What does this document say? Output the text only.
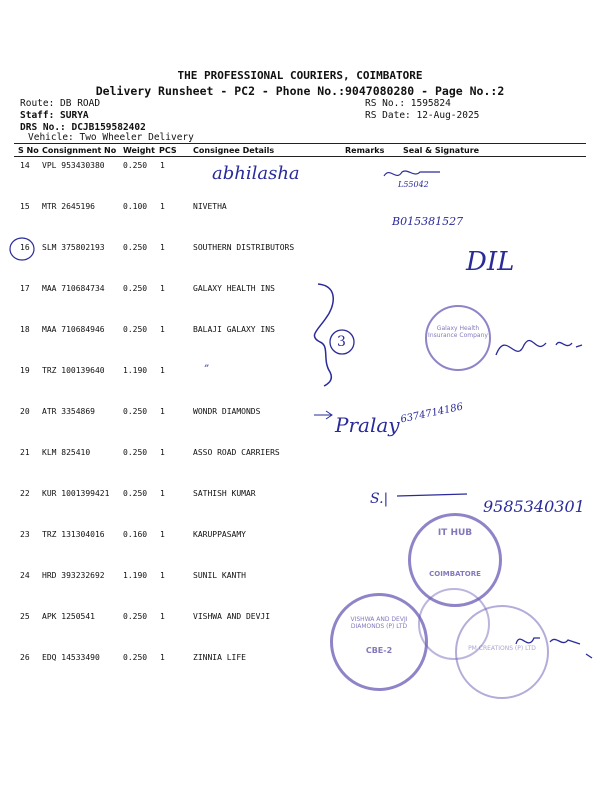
THE PROFESSIONAL COURIERS, COIMBATORE
Delivery Runsheet - PC2 - Phone No.:9047080280 - Page No.:2
Route: DB ROAD
Staff: SURYA
DRS No.: DCJB159582402
Vehicle: Two Wheeler Delivery
RS No.: 1595824
RS Date: 12-Aug-2025
S No Consignment No Weight PCS Consignee Details	Remarks Seal & Signature
14 VPL 953430380 0.250 1
15 MTR 2645196	0.100 1	NIVETHA
16 SLM 375802193 0.250 1	SOUTHERN DISTRIBUTORS
17 MAA 710684734 0.250 1	GALAXY HEALTH INS
18 MAA 710684946 0.250 1	BALAJI GALAXY INS
19 TRZ 100139640 1.190 1
20 ATR 3354869	0.250 1	WONDR DIAMONDS
21 KLM 825410	0.250 1	ASSO ROAD CARRIERS
22 KUR 1001399421 0.250 1	SATHISH KUMAR
23 TRZ 131304016 0.160 1	KARUPPASAMY
24 HRD 393232692 1.190 1	SUNIL KANTH
25 APK 1250541	0.250 1	VISHWA AND DEVJI
26 EDQ 14533490	0.250 1	ZINNIA LIFE
abhilasha
L55042
B015381527
DIL
”
Pralay 6374714186
S.|	9585340301
3
Galaxy Health Insurance Company
IT HUB
COIMBATORE
VISHWA AND DEVJI DIAMONDS (P) LTD
CBE-2	PM CREATIONS (P) LTD
